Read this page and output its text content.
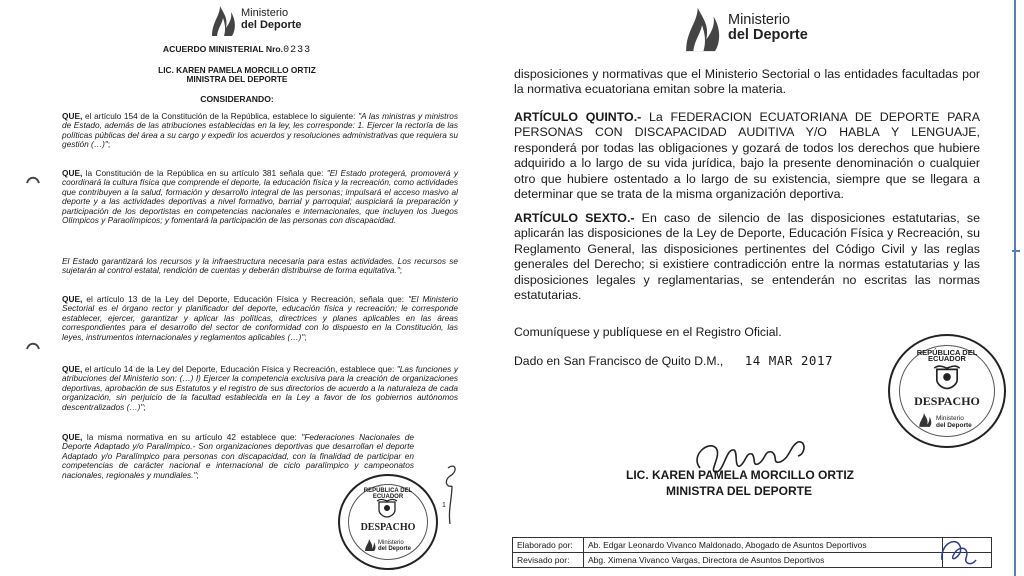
Ministerio
del Deporte
ACUERDO MINISTERIAL Nro.0233
LIC. KAREN PAMELA MORCILLO ORTIZ
MINISTRA DEL DEPORTE
CONSIDERANDO:
QUE, el artículo 154 de la Constitución de la República, establece lo siguiente: "A las ministras y ministros de Estado, además de las atribuciones establecidas en la ley, les corresponde: 1. Ejercer la rectoría de las políticas públicas del área a su cargo y expedir los acuerdos y resoluciones administrativas que requiera su gestión (…)";
QUE, la Constitución de la República en su artículo 381 señala que: "El Estado protegerá, promoverá y coordinará la cultura física que comprende el deporte, la educación física y la recreación, como actividades que contribuyen a la salud, formación y desarrollo integral de las personas; impulsará el acceso masivo al deporte y a las actividades deportivas a nivel formativo, barrial y parroquial; auspiciará la preparación y participación de los deportistas en competencias nacionales e internacionales, que incluyen los Juegos Olímpicos y Paraolímpicos; y fomentará la participación de las personas con discapacidad.
El Estado garantizará los recursos y la infraestructura necesaria para estas actividades. Los recursos se sujetarán al control estatal, rendición de cuentas y deberán distribuirse de forma equitativa.";
QUE, el artículo 13 de la Ley del Deporte, Educación Física y Recreación, señala que: "El Ministerio Sectorial es el órgano rector y planificador del deporte, educación física y recreación; le corresponde establecer, ejercer, garantizar y aplicar las políticas, directrices y planes aplicables en las áreas correspondientes para el desarrollo del sector de conformidad con lo dispuesto en la Constitución, las leyes, instrumentos internacionales y reglamentos aplicables (…)";
QUE, el artículo 14 de la Ley del Deporte, Educación Física y Recreación, establece que: "Las funciones y atribuciones del Ministerio son: (…) l) Ejercer la competencia exclusiva para la creación de organizaciones deportivas, aprobación de sus Estatutos y el registro de sus directorios de acuerdo a la naturaleza de cada organización, sin perjuicio de la facultad establecida en la Ley a favor de los gobiernos autónomos descentralizados (…)";
QUE, la misma normativa en su artículo 42 establece que: "Federaciones Nacionales de Deporte Adaptado y/o Paralímpico.- Son organizaciones deportivas que desarrollan el deporte Adaptado y/o Paralímpico para personas con discapacidad, con la finalidad de participar en competencias de carácter nacional e internacional de ciclo paralímpico y campeonatos nacionales, regionales y mundiales.";
REPÚBLICA DEL ECUADOR
DESPACHO
Ministerio
del Deporte
1
Ministerio
del Deporte
disposiciones y normativas que el Ministerio Sectorial o las entidades facultadas por la normativa ecuatoriana emitan sobre la materia.
ARTÍCULO QUINTO.- La FEDERACION ECUATORIANA DE DEPORTE PARA PERSONAS CON DISCAPACIDAD AUDITIVA Y/O HABLA Y LENGUAJE, responderá por todas las obligaciones y gozará de todos los derechos que hubiere adquirido a lo largo de su vida jurídica, bajo la presente denominación o cualquier otro que hubiere ostentado a lo largo de su existencia, siempre que se llegara a determinar que se trata de la misma organización deportiva.
ARTÍCULO SEXTO.- En caso de silencio de las disposiciones estatutarias, se aplicarán las disposiciones de la Ley de Deporte, Educación Física y Recreación, su Reglamento General, las disposiciones pertinentes del Código Civil y las reglas generales del Derecho; si existiere contradicción entre la normas estatutarias y las disposiciones legales y reglamentarias, se entenderán no escritas las normas estatutarias.
Comuníquese y publíquese en el Registro Oficial.
Dado en San Francisco de Quito D.M., 14 MAR 2017
LIC. KAREN PAMELA MORCILLO ORTIZ
MINISTRA DEL DEPORTE
REPÚBLICA DEL ECUADOR
DESPACHO
Ministerio
del Deporte
Elaborado por:	Ab. Edgar Leonardo Vivanco Maldonado, Abogado de Asuntos Deportivos	
Revisado por:	Abg. Ximena Vivanco Vargas, Directora de Asuntos Deportivos	
